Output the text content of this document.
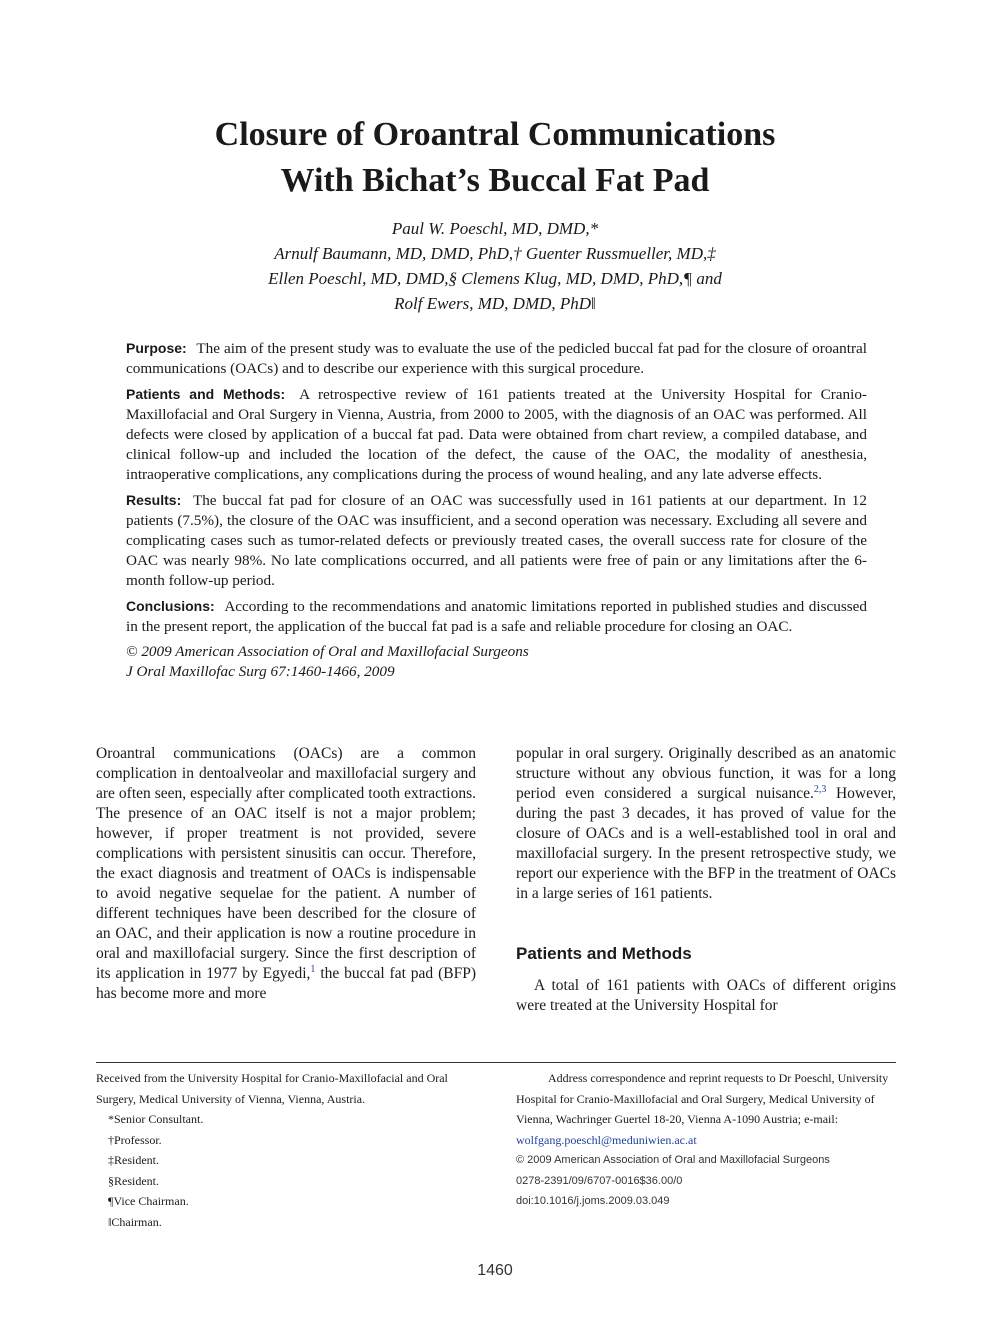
Closure of Oroantral Communications
With Bichat’s Buccal Fat Pad
Paul W. Poeschl, MD, DMD,*
Arnulf Baumann, MD, DMD, PhD,† Guenter Russmueller, MD,‡
Ellen Poeschl, MD, DMD,§ Clemens Klug, MD, DMD, PhD,¶ and
Rolf Ewers, MD, DMD, PhD‖

Purpose: The aim of the present study was to evaluate the use of the pedicled buccal fat pad for the closure of oroantral communications (OACs) and to describe our experience with this surgical procedure.

Patients and Methods: A retrospective review of 161 patients treated at the University Hospital for Cranio-Maxillofacial and Oral Surgery in Vienna, Austria, from 2000 to 2005, with the diagnosis of an OAC was performed. All defects were closed by application of a buccal fat pad. Data were obtained from chart review, a compiled database, and clinical follow-up and included the location of the defect, the cause of the OAC, the modality of anesthesia, intraoperative complications, any complications during the process of wound healing, and any late adverse effects.

Results: The buccal fat pad for closure of an OAC was successfully used in 161 patients at our department. In 12 patients (7.5%), the closure of the OAC was insufficient, and a second operation was necessary. Excluding all severe and complicating cases such as tumor-related defects or previously treated cases, the overall success rate for closure of the OAC was nearly 98%. No late complications occurred, and all patients were free of pain or any limitations after the 6-month follow-up period.

Conclusions: According to the recommendations and anatomic limitations reported in published studies and discussed in the present report, the application of the buccal fat pad is a safe and reliable procedure for closing an OAC.

© 2009 American Association of Oral and Maxillofacial Surgeons

J Oral Maxillofac Surg 67:1460-1466, 2009

Oroantral communications (OACs) are a common complication in dentoalveolar and maxillofacial surgery and are often seen, especially after complicated tooth extractions. The presence of an OAC itself is not a major problem; however, if proper treatment is not provided, severe complications with persistent sinusitis can occur. Therefore, the exact diagnosis and treatment of OACs is indispensable to avoid negative sequelae for the patient. A number of different techniques have been described for the closure of an OAC, and their application is now a routine procedure in oral and maxillofacial surgery. Since the first description of its application in 1977 by Egyedi,$^1$ the buccal fat pad (BFP) has become more and more

popular in oral surgery. Originally described as an anatomic structure without any obvious function, it was for a long period even considered a surgical nuisance.$^{2,3}$ However, during the past 3 decades, it has proved of value for the closure of OACs and is a well-established tool in oral and maxillofacial surgery. In the present retrospective study, we report our experience with the BFP in the treatment of OACs in a large series of 161 patients.

Patients and Methods

A total of 161 patients with OACs of different origins were treated at the University Hospital for

Received from the University Hospital for Cranio-Maxillofacial and Oral Surgery, Medical University of Vienna, Vienna, Austria.

*Senior Consultant.

†Professor.

‡Resident.

§Resident.

¶Vice Chairman.

‖Chairman.

Address correspondence and reprint requests to Dr Poeschl, University Hospital for Cranio-Maxillofacial and Oral Surgery, Medical University of Vienna, Wachringer Guertel 18-20, Vienna A-1090 Austria; e-mail: wolfgang.poeschl@meduniwien.ac.at

© 2009 American Association of Oral and Maxillofacial Surgeons

0278-2391/09/6707-0016$36.00/0

doi:10.1016/j.joms.2009.03.049

1460
